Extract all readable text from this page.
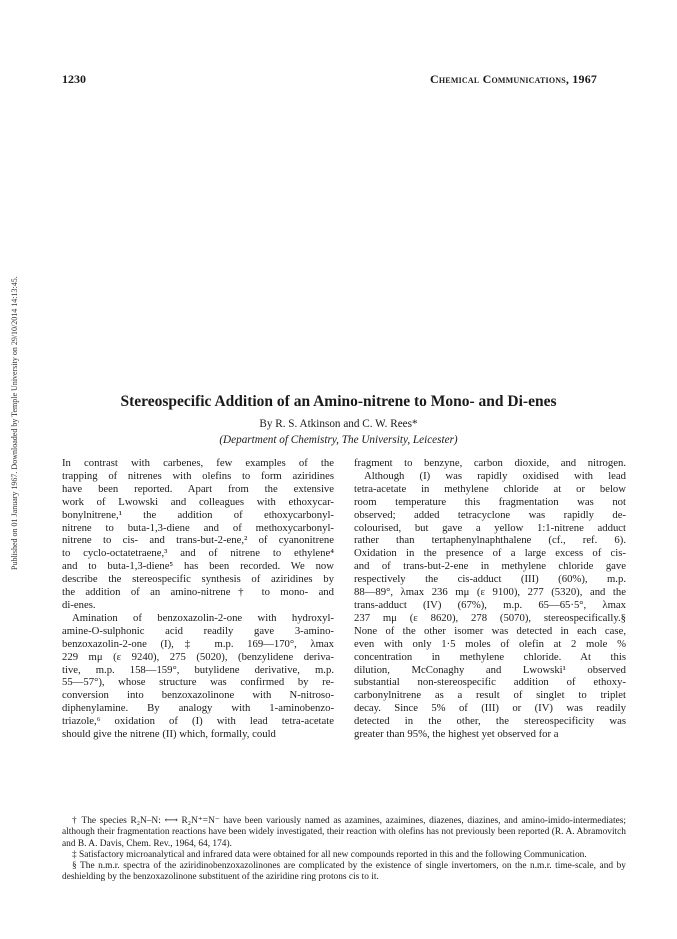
1230	Chemical Communications, 1967
Published on 01 January 1967. Downloaded by Temple University on 29/10/2014 14:13:45.	Stereospecific Addition of an Amino-nitrene to Mono- and Di-enes
By R. S. Atkinson and C. W. Rees*
(Department of Chemistry, The University, Leicester)
In contrast with carbenes, few examples of the
trapping of nitrenes with olefins to form aziridines
have been reported. Apart from the extensive
work of Lwowski and colleagues with ethoxycar-
bonylnitrene,¹ the addition of ethoxycarbonyl-
nitrene to buta-1,3-diene and of methoxycarbonyl-
nitrene to cis- and trans-but-2-ene,² of cyanonitrene
to cyclo-octatetraene,³ and of nitrene to ethylene⁴
and to buta-1,3-diene⁵ has been recorded. We now
describe the stereospecific synthesis of aziridines by
the addition of an amino-nitrene† to mono- and
di-enes.
Amination of benzoxazolin-2-one with hydroxyl-
amine-O-sulphonic acid readily gave 3-amino-
benzoxazolin-2-one (I),‡ m.p. 169—170°, λmax
229 mμ (ε 9240), 275 (5020), (benzylidene deriva-
tive, m.p. 158—159°, butylidene derivative, m.p.
55—57°), whose structure was confirmed by re-
conversion into benzoxazolinone with N-nitroso-
diphenylamine. By analogy with 1-aminobenzo-
triazole,⁶ oxidation of (I) with lead tetra-acetate
should give the nitrene (II) which, formally, could
fragment to benzyne, carbon dioxide, and nitrogen.
Although (I) was rapidly oxidised with lead
tetra-acetate in methylene chloride at or below
room temperature this fragmentation was not
observed; added tetracyclone was rapidly de-
colourised, but gave a yellow 1:1-nitrene adduct
rather than tertaphenylnaphthalene (cf., ref. 6).
Oxidation in the presence of a large excess of cis-
and of trans-but-2-ene in methylene chloride gave
respectively the cis-adduct (III) (60%), m.p.
88—89°, λmax 236 mμ (ε 9100), 277 (5320), and the
trans-adduct (IV) (67%), m.p. 65—65·5°, λmax
237 mμ (ε 8620), 278 (5070), stereospecifically.§
None of the other isomer was detected in each case,
even with only 1·5 moles of olefin at 2 mole %
concentration in methylene chloride. At this
dilution, McConaghy and Lwowski¹ observed
substantial non-stereospecific addition of ethoxy-
carbonylnitrene as a result of singlet to triplet
decay. Since 5% of (III) or (IV) was readily
detected in the other, the stereospecificity was
greater than 95%, the highest yet observed for a

† The species R₂N–N: ⟷ R₂N⁺=N⁻ have been variously named as azamines, azaimines, diazenes, diazines, and amino-imido-intermediates; although their fragmentation reactions have been widely investigated, their reaction with olefins has not previously been reported (R. A. Abramovitch and B. A. Davis, Chem. Rev., 1964, 64, 174).

‡ Satisfactory microanalytical and infrared data were obtained for all new compounds reported in this and the following Communication.

§ The n.m.r. spectra of the aziridinobenzoxazolinones are complicated by the existence of single invertomers, on the n.m.r. time-scale, and by deshielding by the benzoxazolinone substituent of the aziridine ring protons cis to it.
